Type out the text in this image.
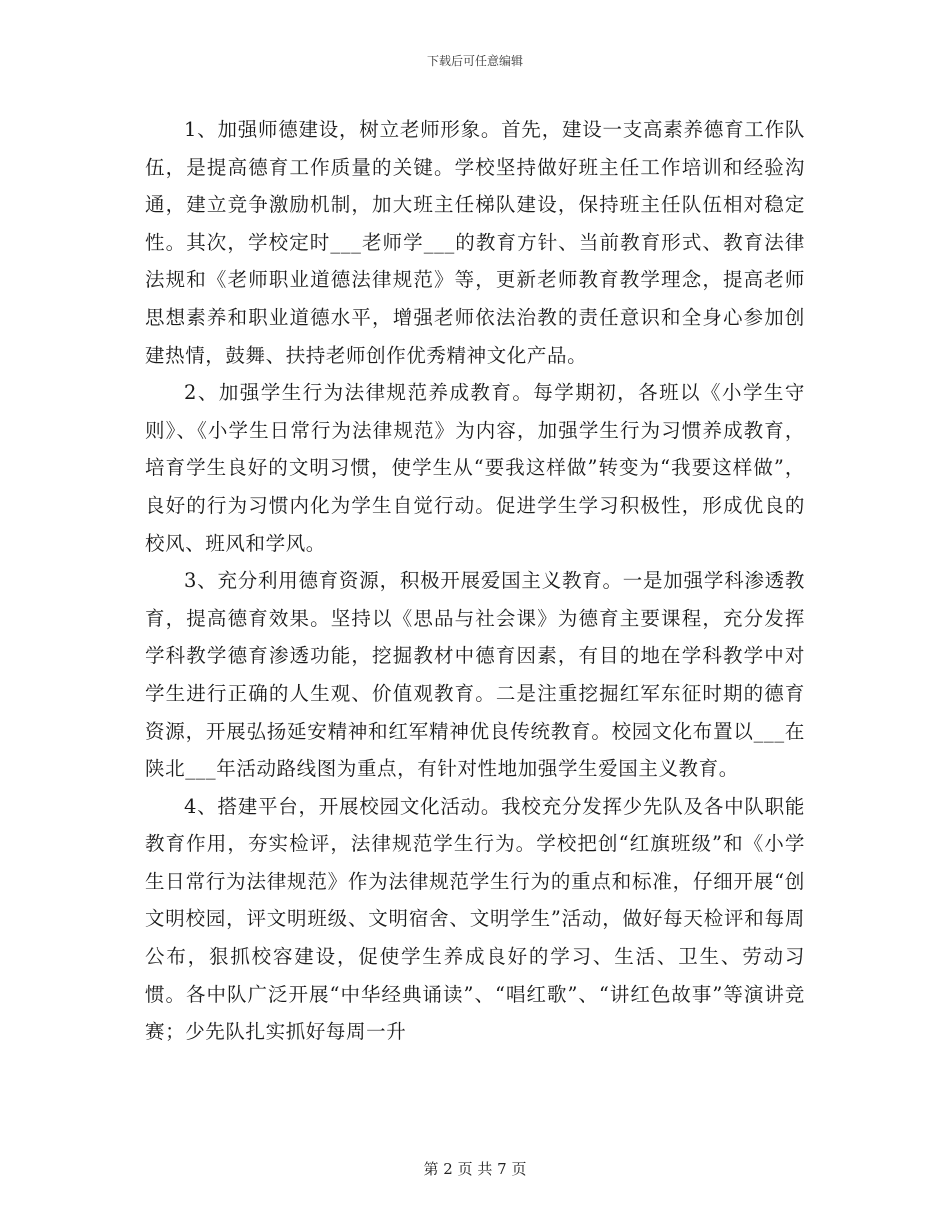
下载后可任意编辑

1、加强师德建设，树立老师形象。首先，建设一支高素养德育工作队伍，是提高德育工作质量的关键。学校坚持做好班主任工作培训和经验沟通，建立竞争激励机制，加大班主任梯队建设，保持班主任队伍相对稳定性。其次，学校定时___老师学___的教育方针、当前教育形式、教育法律法规和《老师职业道德法律规范》等，更新老师教育教学理念，提高老师思想素养和职业道德水平，增强老师依法治教的责任意识和全身心参加创建热情，鼓舞、扶持老师创作优秀精神文化产品。

2、加强学生行为法律规范养成教育。每学期初，各班以《小学生守则》、《小学生日常行为法律规范》为内容，加强学生行为习惯养成教育，培育学生良好的文明习惯，使学生从“要我这样做”转变为“我要这样做”，良好的行为习惯内化为学生自觉行动。促进学生学习积极性，形成优良的校风、班风和学风。

3、充分利用德育资源，积极开展爱国主义教育。一是加强学科渗透教育，提高德育效果。坚持以《思品与社会课》为德育主要课程，充分发挥学科教学德育渗透功能，挖掘教材中德育因素，有目的地在学科教学中对学生进行正确的人生观、价值观教育。二是注重挖掘红军东征时期的德育资源，开展弘扬延安精神和红军精神优良传统教育。校园文化布置以___在陕北___年活动路线图为重点，有针对性地加强学生爱国主义教育。

4、搭建平台，开展校园文化活动。我校充分发挥少先队及各中队职能教育作用，夯实检评，法律规范学生行为。学校把创“红旗班级”和《小学生日常行为法律规范》作为法律规范学生行为的重点和标准，仔细开展“创文明校园，评文明班级、文明宿舍、文明学生”活动，做好每天检评和每周公布，狠抓校容建设，促使学生养成良好的学习、生活、卫生、劳动习惯。各中队广泛开展“中华经典诵读”、“唱红歌”、“讲红色故事”等演讲竞赛；少先队扎实抓好每周一升

第 2 页 共 7 页
